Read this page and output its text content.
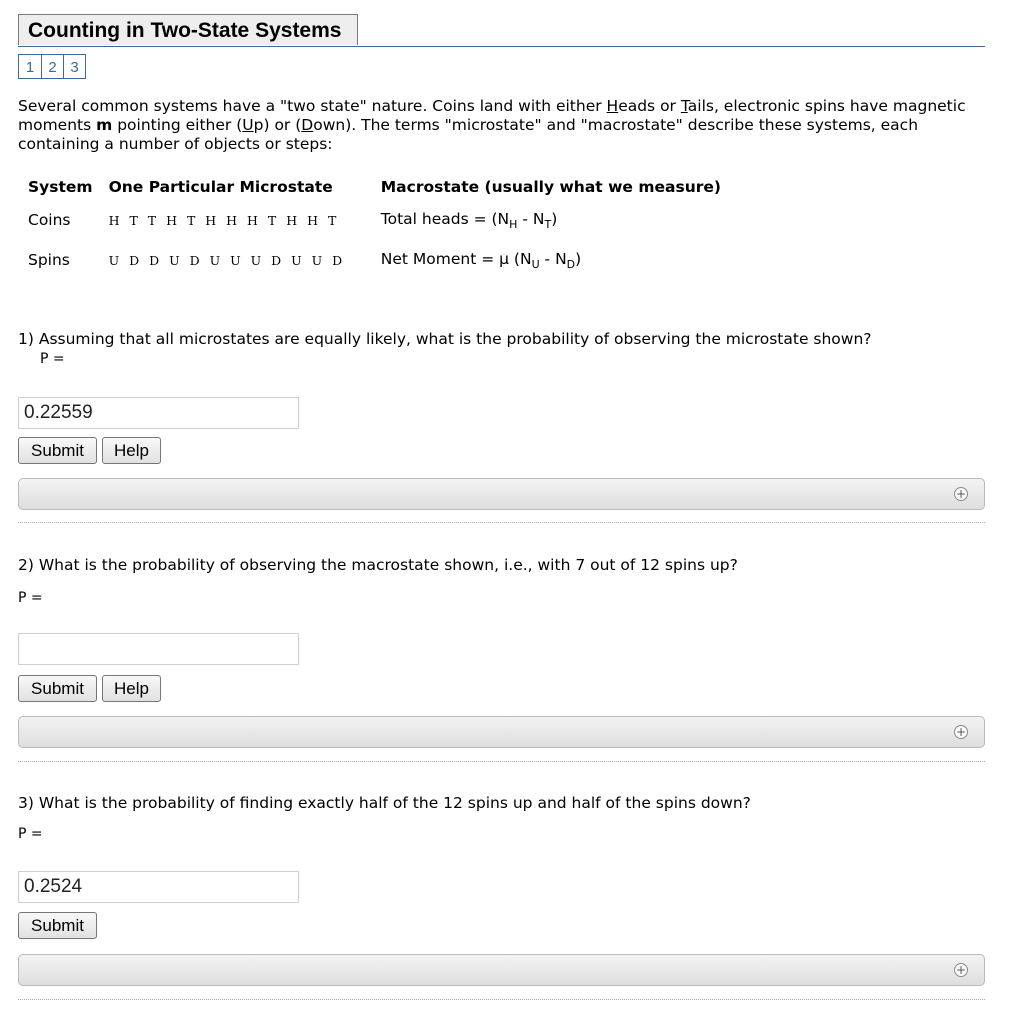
Counting in Two-State Systems
1 2 3
Several common systems have a "two state" nature. Coins land with either Heads or Tails, electronic spins have magnetic
moments m pointing either (Up) or (Down). The terms "microstate" and "macrostate" describe these systems, each
containing a number of objects or steps:
System	One Particular Microstate	Macrostate (usually what we measure)
Coins	H T T H T H H H T H H T	Total heads = $(N_H - N_T)$
Spins	U D D U D U U U D U U D	Net Moment = μ $(N_U - N_D)$
1) Assuming that all microstates are equally likely, what is the probability of observing the microstate shown?
P =
0.22559
Submit	Help
+
2) What is the probability of observing the macrostate shown, i.e., with 7 out of 12 spins up?
P =
Submit	Help
+
3) What is the probability of finding exactly half of the 12 spins up and half of the spins down?
P =
0.2524
Submit
+
